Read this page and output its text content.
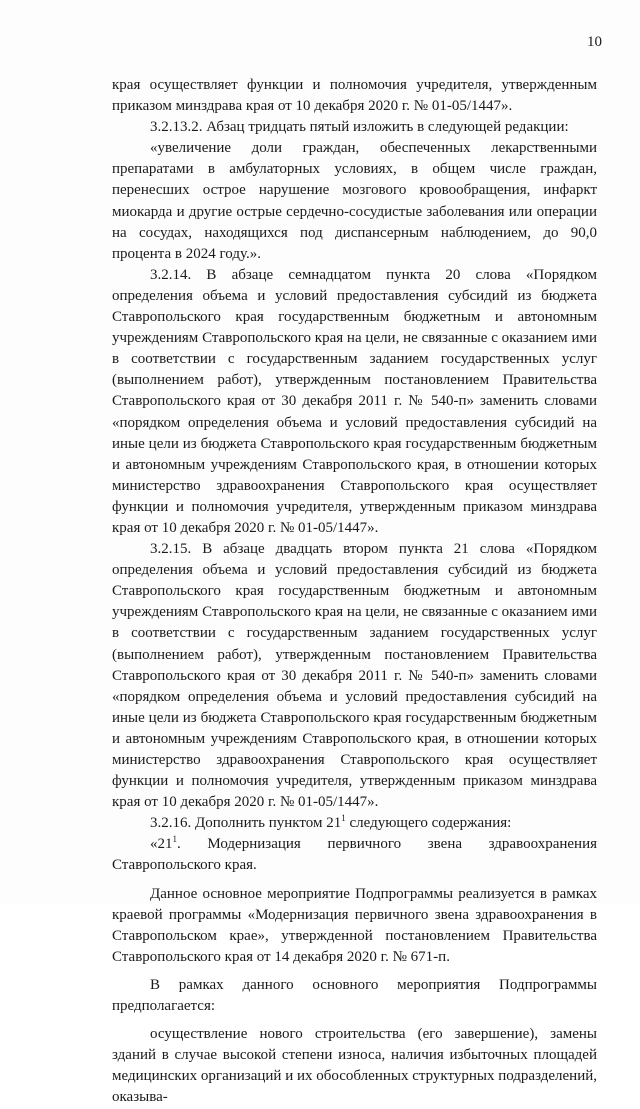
10

края осуществляет функции и полномочия учредителя, утвержденным приказом минздрава края от 10 декабря 2020 г. № 01-05/1447».

3.2.13.2. Абзац тридцать пятый изложить в следующей редакции:

«увеличение доли граждан, обеспеченных лекарственными препаратами в амбулаторных условиях, в общем числе граждан, перенесших острое нарушение мозгового кровообращения, инфаркт миокарда и другие острые сердечно-сосудистые заболевания или операции на сосудах, находящихся под диспансерным наблюдением, до 90,0 процента в 2024 году.».

3.2.14. В абзаце семнадцатом пункта 20 слова «Порядком определения объема и условий предоставления субсидий из бюджета Ставропольского края государственным бюджетным и автономным учреждениям Ставропольского края на цели, не связанные с оказанием ими в соответствии с государственным заданием государственных услуг (выполнением работ), утвержденным постановлением Правительства Ставропольского края от 30 декабря 2011 г. № 540-п» заменить словами «порядком определения объема и условий предоставления субсидий на иные цели из бюджета Ставропольского края государственным бюджетным и автономным учреждениям Ставропольского края, в отношении которых министерство здравоохранения Ставропольского края осуществляет функции и полномочия учредителя, утвержденным приказом минздрава края от 10 декабря 2020 г. № 01-05/1447».

3.2.15. В абзаце двадцать втором пункта 21 слова «Порядком определения объема и условий предоставления субсидий из бюджета Ставропольского края государственным бюджетным и автономным учреждениям Ставропольского края на цели, не связанные с оказанием ими в соответствии с государственным заданием государственных услуг (выполнением работ), утвержденным постановлением Правительства Ставропольского края от 30 декабря 2011 г. № 540-п» заменить словами «порядком определения объема и условий предоставления субсидий на иные цели из бюджета Ставропольского края государственным бюджетным и автономным учреждениям Ставропольского края, в отношении которых министерство здравоохранения Ставропольского края осуществляет функции и полномочия учредителя, утвержденным приказом минздрава края от 10 декабря 2020 г. № 01-05/1447».

3.2.16. Дополнить пунктом $21^1$ следующего содержания:

«$21^1$. Модернизация первичного звена здравоохранения Ставропольского края.

Данное основное мероприятие Подпрограммы реализуется в рамках краевой программы «Модернизация первичного звена здравоохранения в Ставропольском крае», утвержденной постановлением Правительства Ставропольского края от 14 декабря 2020 г. № 671-п.

В рамках данного основного мероприятия Подпрограммы предполагается:

осуществление нового строительства (его завершение), замены зданий в случае высокой степени износа, наличия избыточных площадей медицинских организаций и их обособленных структурных подразделений, оказыва-
